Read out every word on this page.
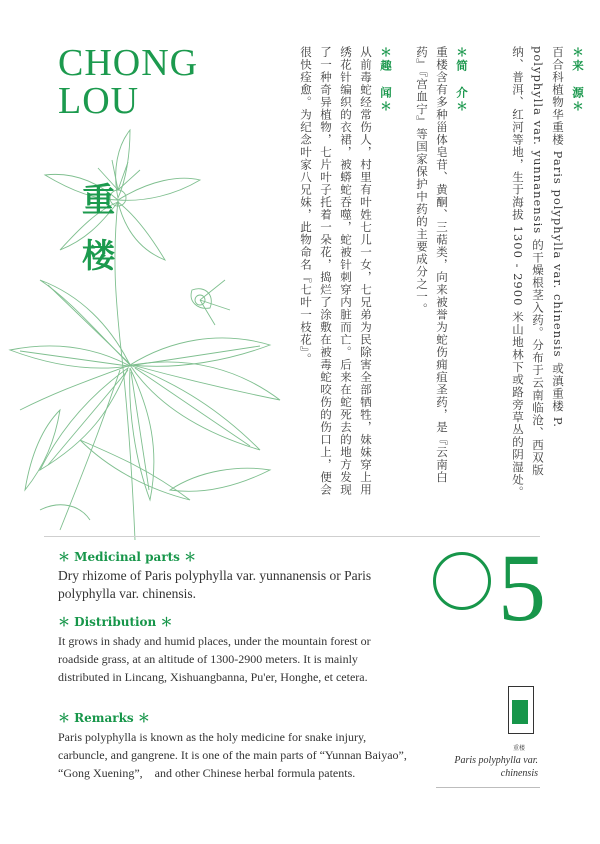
CHONG
LOU
重
楼
＊来　源＊
百合科植物华重楼 Paris polyphylla var. chinensis 或滇重楼 P. polyphylla var. yunnanensis 的干燥根茎入药。分布于云南临沧、西双版纳、普洱、红河等地，生于海拔 1300 - 2900 米山地林下或路旁草丛的阴湿处。
＊简　介＊
重楼含有多种甾体皂苷、黄酮、三萜类，向来被誉为蛇伤痈疽圣药，是『云南白药』『宫血宁』等国家保护中药的主要成分之一。
＊趣　闻＊
从前毒蛇经常伤人，村里有叶姓七儿一女，七兄弟为民除害全部牺牲，妹妹穿上用绣花针编织的衣裙，被蟒蛇吞噬，蛇被针刺穿内脏而亡。后来在蛇死去的地方发现了一种奇异植物，七片叶子托着一朵花，捣烂了涂敷在被毒蛇咬伤的伤口上，便会很快痊愈。为纪念叶家八兄妹，此物命名『七叶一枝花』。
＊ Medicinal parts ＊
Dry rhizome of Paris polyphylla var. yunnanensis or Paris polyphylla var. chinensis.
＊ Distribution ＊
It grows in shady and humid places, under the mountain forest or roadside grass, at an altitude of 1300-2900 meters. It is mainly distributed in Lincang, Xishuangbanna, Pu'er, Honghe, et cetera.
＊ Remarks ＊
Paris polyphylla is known as the holy medicine for snake injury, carbuncle, and gangrene. It is one of the main parts of “Yunnan Baiyao”, “Gong Xuening”,　and other Chinese herbal formula patents.
5
重楼
Paris polyphylla var. chinensis
